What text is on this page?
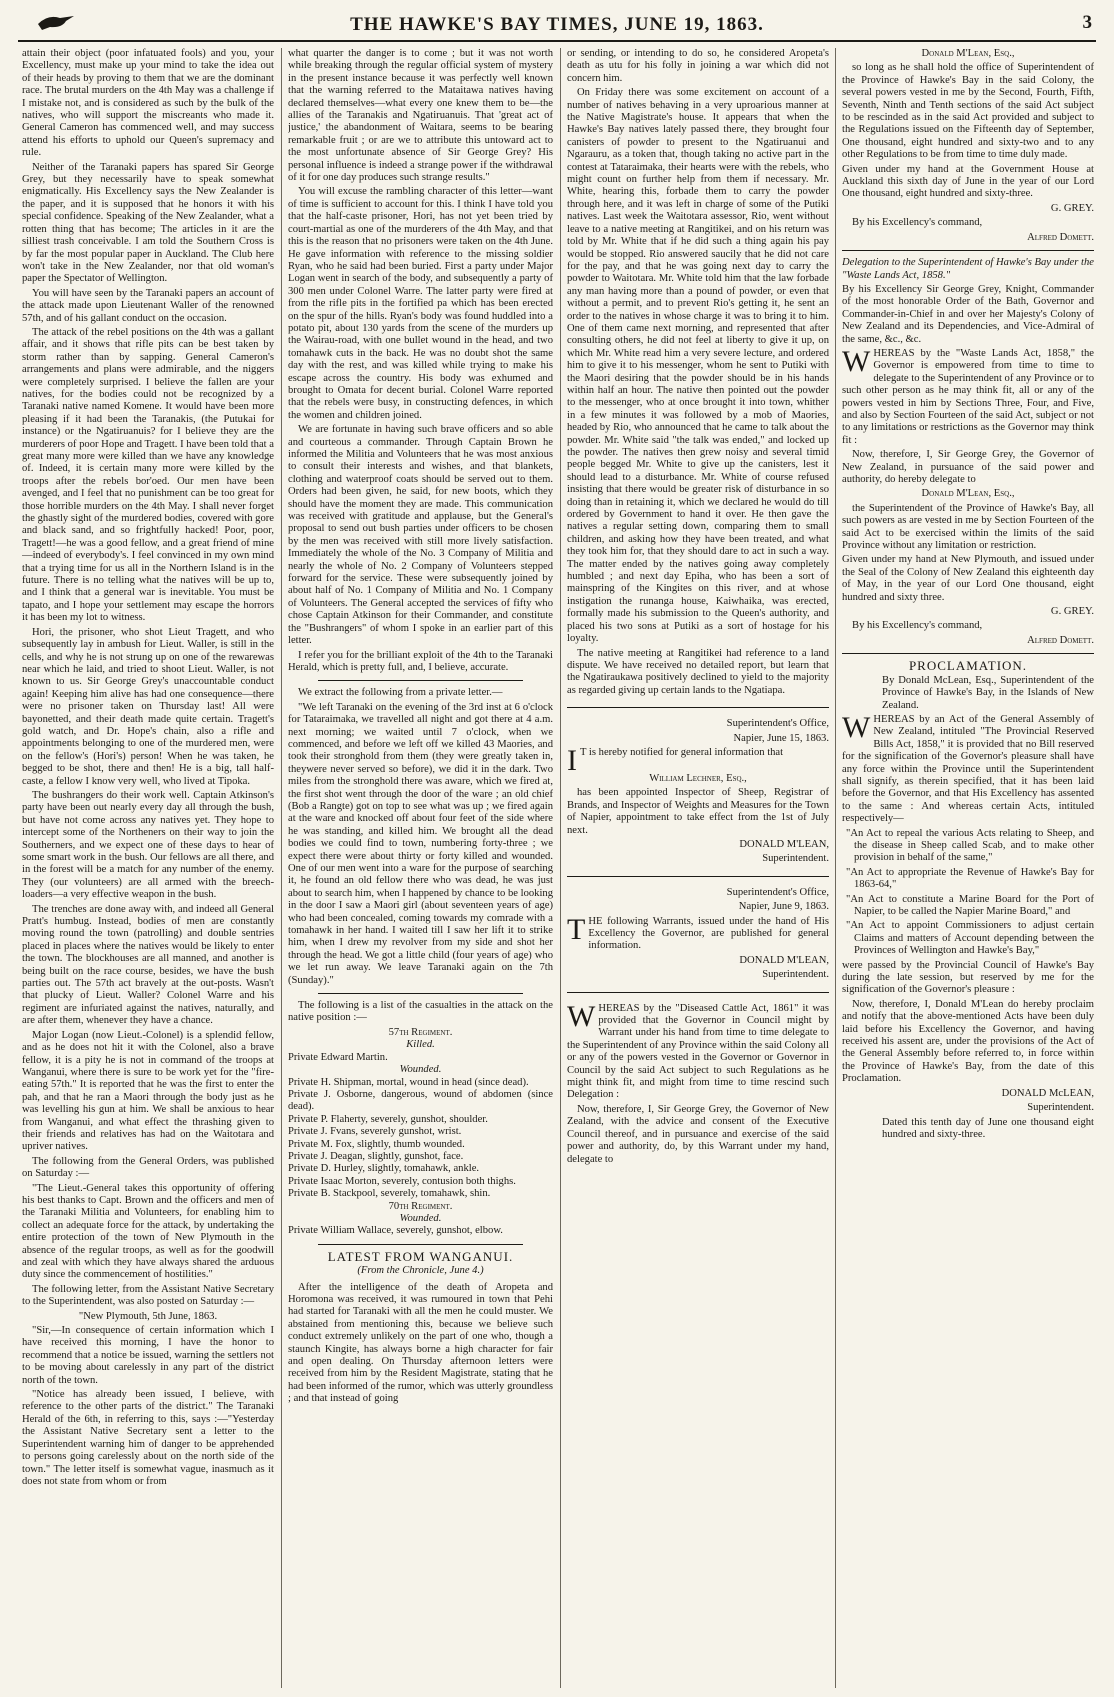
THE HAWKE'S BAY TIMES, JUNE 19, 1863.	3

attain their object (poor infatuated fools) and you, your Excellency, must make up your mind to take the idea out of their heads by proving to them that we are the dominant race. The brutal murders on the 4th May was a challenge if I mistake not, and is considered as such by the bulk of the natives, who will support the miscreants who made it. General Cameron has commenced well, and may success attend his efforts to uphold our Queen's supremacy and rule.

Neither of the Taranaki papers has spared Sir George Grey, but they necessarily have to speak somewhat enigmatically. His Excellency says the New Zealander is the paper, and it is supposed that he honors it with his special confidence. Speaking of the New Zealander, what a rotten thing that has become; The articles in it are the silliest trash conceivable. I am told the Southern Cross is by far the most popular paper in Auckland. The Club here won't take in the New Zealander, nor that old woman's paper the Spectator of Wellington.

You will have seen by the Taranaki papers an account of the attack made upon Lieutenant Waller of the renowned 57th, and of his gallant conduct on the occasion.

The attack of the rebel positions on the 4th was a gallant affair, and it shows that rifle pits can be best taken by storm rather than by sapping. General Cameron's arrangements and plans were admirable, and the niggers were completely surprised. I believe the fallen are your natives, for the bodies could not be recognized by a Taranaki native named Komene. It would have been more pleasing if it had been the Taranakis, (the Putukai for instance) or the Ngatiruanuis? for I believe they are the murderers of poor Hope and Tragett. I have been told that a great many more were killed than we have any knowledge of. Indeed, it is certain many more were killed by the troops after the rebels bor'oed. Our men have been avenged, and I feel that no punishment can be too great for those horrible murders on the 4th May. I shall never forget the ghastly sight of the murdered bodies, covered with gore and black sand, and so frightfully hacked! Poor, poor, Tragett!—he was a good fellow, and a great friend of mine—indeed of everybody's. I feel convinced in my own mind that a trying time for us all in the Northern Island is in the future. There is no telling what the natives will be up to, and I think that a general war is inevitable. You must be tapato, and I hope your settlement may escape the horrors it has been my lot to witness.

Hori, the prisoner, who shot Lieut Tragett, and who subsequently lay in ambush for Lieut. Waller, is still in the cells, and why he is not strung up on one of the rewarewas near which he laid, and tried to shoot Lieut. Waller, is not known to us. Sir George Grey's unaccountable conduct again! Keeping him alive has had one consequence—there were no prisoner taken on Thursday last! All were bayonetted, and their death made quite certain. Tragett's gold watch, and Dr. Hope's chain, also a rifle and appointments belonging to one of the murdered men, were on the fellow's (Hori's) person! When he was taken, he begged to be shot, there and then! He is a big, tall half-caste, a fellow I know very well, who lived at Tipoka.

The bushrangers do their work well. Captain Atkinson's party have been out nearly every day all through the bush, but have not come across any natives yet. They hope to intercept some of the Northeners on their way to join the Southerners, and we expect one of these days to hear of some smart work in the bush. Our fellows are all there, and in the forest will be a match for any number of the enemy. They (our volunteers) are all armed with the breech-loaders—a very effective weapon in the bush.

The trenches are done away with, and indeed all General Pratt's humbug. Instead, bodies of men are constantly moving round the town (patrolling) and double sentries placed in places where the natives would be likely to enter the town. The blockhouses are all manned, and another is being built on the race course, besides, we have the bush parties out. The 57th act bravely at the out-posts. Wasn't that plucky of Lieut. Waller? Colonel Warre and his regiment are infuriated against the natives, naturally, and are after them, whenever they have a chance.

Major Logan (now Lieut.-Colonel) is a splendid fellow, and as he does not hit it with the Colonel, also a brave fellow, it is a pity he is not in command of the troops at Wanganui, where there is sure to be work yet for the "fire-eating 57th." It is reported that he was the first to enter the pah, and that he ran a Maori through the body just as he was levelling his gun at him. We shall be anxious to hear from Wanganui, and what effect the thrashing given to their friends and relatives has had on the Waitotara and upriver natives.

The following from the General Orders, was published on Saturday :—

"The Lieut.-General takes this opportunity of offering his best thanks to Capt. Brown and the officers and men of the Taranaki Militia and Volunteers, for enabling him to collect an adequate force for the attack, by undertaking the entire protection of the town of New Plymouth in the absence of the regular troops, as well as for the goodwill and zeal with which they have always shared the arduous duty since the commencement of hostilities."

The following letter, from the Assistant Native Secretary to the Superintendent, was also posted on Saturday :—

"New Plymouth, 5th June, 1863.

"Sir,—In consequence of certain information which I have received this morning, I have the honor to recommend that a notice be issued, warning the settlers not to be moving about carelessly in any part of the district north of the town.

"Notice has already been issued, I believe, with reference to the other parts of the district." The Taranaki Herald of the 6th, in referring to this, says :—"Yesterday the Assistant Native Secretary sent a letter to the Superintendent warning him of danger to be apprehended to persons going carelessly about on the north side of the town." The letter itself is somewhat vague, inasmuch as it does not state from whom or from

what quarter the danger is to come ; but it was not worth while breaking through the regular official system of mystery in the present instance because it was perfectly well known that the warning referred to the Mataitawa natives having declared themselves—what every one knew them to be—the allies of the Taranakis and Ngatiruanuis. That 'great act of justice,' the abandonment of Waitara, seems to be bearing remarkable fruit ; or are we to attribute this untoward act to the most unfortunate absence of Sir George Grey? His personal influence is indeed a strange power if the withdrawal of it for one day produces such strange results."

You will excuse the rambling character of this letter—want of time is sufficient to account for this. I think I have told you that the half-caste prisoner, Hori, has not yet been tried by court-martial as one of the murderers of the 4th May, and that this is the reason that no prisoners were taken on the 4th June. He gave information with reference to the missing soldier Ryan, who he said had been buried. First a party under Major Logan went in search of the body, and subsequently a party of 300 men under Colonel Warre. The latter party were fired at from the rifle pits in the fortified pa which has been erected on the spur of the hills. Ryan's body was found huddled into a potato pit, about 130 yards from the scene of the murders up the Wairau-road, with one bullet wound in the head, and two tomahawk cuts in the back. He was no doubt shot the same day with the rest, and was killed while trying to make his escape across the country. His body was exhumed and brought to Omata for decent burial. Colonel Warre reported that the rebels were busy, in constructing defences, in which the women and children joined.

We are fortunate in having such brave officers and so able and courteous a commander. Through Captain Brown he informed the Militia and Volunteers that he was most anxious to consult their interests and wishes, and that blankets, clothing and waterproof coats should be served out to them. Orders had been given, he said, for new boots, which they should have the moment they are made. This communication was received with gratitude and applause, but the General's proposal to send out bush parties under officers to be chosen by the men was received with still more lively satisfaction. Immediately the whole of the No. 3 Company of Militia and nearly the whole of No. 2 Company of Volunteers stepped forward for the service. These were subsequently joined by about half of No. 1 Company of Militia and No. 1 Company of Volunteers. The General accepted the services of fifty who chose Captain Atkinson for their Commander, and constitute the "Bushrangers" of whom I spoke in an earlier part of this letter.

I refer you for the brilliant exploit of the 4th to the Taranaki Herald, which is pretty full, and, I believe, accurate.

We extract the following from a private letter.—

"We left Taranaki on the evening of the 3rd inst at 6 o'clock for Tataraimaka, we travelled all night and got there at 4 a.m. next morning; we waited until 7 o'clock, when we commenced, and before we left off we killed 43 Maories, and took their stronghold from them (they were greatly taken in, theywere never served so before), we did it in the dark. Two miles from the stronghold there was aware, which we fired at, the first shot went through the door of the ware ; an old chief (Bob a Rangte) got on top to see what was up ; we fired again at the ware and knocked off about four feet of the side where he was standing, and killed him. We brought all the dead bodies we could find to town, numbering forty-three ; we expect there were about thirty or forty killed and wounded. One of our men went into a ware for the purpose of searching it, he found an old fellow there who was dead, he was just about to search him, when I happened by chance to be looking in the door I saw a Maori girl (about seventeen years of age) who had been concealed, coming towards my comrade with a tomahawk in her hand. I waited till I saw her lift it to strike him, when I drew my revolver from my side and shot her through the head. We got a little child (four years of age) who we let run away. We leave Taranaki again on the 7th (Sunday)."

The following is a list of the casualties in the attack on the native position :—

57th Regiment.

Killed.

Private Edward Martin.

Wounded.

Private H. Shipman, mortal, wound in head (since dead).

Private J. Osborne, dangerous, wound of abdomen (since dead).

Private P. Flaherty, severely, gunshot, shoulder.

Private J. Fvans, severely gunshot, wrist.

Private M. Fox, slightly, thumb wounded.

Private J. Deagan, slightly, gunshot, face.

Private D. Hurley, slightly, tomahawk, ankle.

Private Isaac Morton, severely, contusion both thighs.

Private B. Stackpool, severely, tomahawk, shin.

70th Regiment.

Wounded.

Private William Wallace, severely, gunshot, elbow.

LATEST FROM WANGANUI.
(From the Chronicle, June 4.)

After the intelligence of the death of Aropeta and Horomona was received, it was rumoured in town that Pehi had started for Taranaki with all the men he could muster. We abstained from mentioning this, because we believe such conduct extremely unlikely on the part of one who, though a staunch Kingite, has always borne a high character for fair and open dealing. On Thursday afternoon letters were received from him by the Resident Magistrate, stating that he had been informed of the rumor, which was utterly groundless ; and that instead of going

or sending, or intending to do so, he considered Aropeta's death as utu for his folly in joining a war which did not concern him.

On Friday there was some excitement on account of a number of natives behaving in a very uproarious manner at the Native Magistrate's house. It appears that when the Hawke's Bay natives lately passed there, they brought four canisters of powder to present to the Ngatiruanui and Ngarauru, as a token that, though taking no active part in the contest at Tataraimaka, their hearts were with the rebels, who might count on further help from them if necessary. Mr. White, hearing this, forbade them to carry the powder through here, and it was left in charge of some of the Putiki natives. Last week the Waitotara assessor, Rio, went without leave to a native meeting at Rangitikei, and on his return was told by Mr. White that if he did such a thing again his pay would be stopped. Rio answered saucily that he did not care for the pay, and that he was going next day to carry the powder to Waitotara. Mr. White told him that the law forbade any man having more than a pound of powder, or even that without a permit, and to prevent Rio's getting it, he sent an order to the natives in whose charge it was to bring it to him. One of them came next morning, and represented that after consulting others, he did not feel at liberty to give it up, on which Mr. White read him a very severe lecture, and ordered him to give it to his messenger, whom he sent to Putiki with the Maori desiring that the powder should be in his hands within half an hour. The native then pointed out the powder to the messenger, who at once brought it into town, whither in a few minutes it was followed by a mob of Maories, headed by Rio, who announced that he came to talk about the powder. Mr. White said "the talk was ended," and locked up the powder. The natives then grew noisy and several timid people begged Mr. White to give up the canisters, lest it should lead to a disturbance. Mr. White of course refused insisting that there would be greater risk of disturbance in so doing than in retaining it, which we declared he would do till ordered by Government to hand it over. He then gave the natives a regular setting down, comparing them to small children, and asking how they have been treated, and what they took him for, that they should dare to act in such a way. The matter ended by the natives going away completely humbled ; and next day Epiha, who has been a sort of mainspring of the Kingites on this river, and at whose instigation the runanga house, Kaiwhaika, was erected, formally made his submission to the Queen's authority, and placed his two sons at Putiki as a sort of hostage for his loyalty.

The native meeting at Rangitikei had reference to a land dispute. We have received no detailed report, but learn that the Ngatiraukawa positively declined to yield to the majority as regarded giving up certain lands to the Ngatiapa.

Superintendent's Office,

Napier, June 15, 1863.

I T is hereby notified for general information that

William Lechner, Esq.,

has been appointed Inspector of Sheep, Registrar of Brands, and Inspector of Weights and Measures for the Town of Napier, appointment to take effect from the 1st of July next.

DONALD M'LEAN,

Superintendent.

Superintendent's Office,

Napier, June 9, 1863.

THE following Warrants, issued under the hand of His Excellency the Governor, are published for general information.

DONALD M'LEAN,

Superintendent.

WHEREAS by the "Diseased Cattle Act, 1861" it was provided that the Governor in Council might by Warrant under his hand from time to time delegate to the Superintendent of any Province within the said Colony all or any of the powers vested in the Governor or Governor in Council by the said Act subject to such Regulations as he might think fit, and might from time to time rescind such Delegation :

Now, therefore, I, Sir George Grey, the Governor of New Zealand, with the advice and consent of the Executive Council thereof, and in pursuance and exercise of the said power and authority, do, by this Warrant under my hand, delegate to

Donald M'Lean, Esq.,

so long as he shall hold the office of Superintendent of the Province of Hawke's Bay in the said Colony, the several powers vested in me by the Second, Fourth, Fifth, Seventh, Ninth and Tenth sections of the said Act subject to be rescinded as in the said Act provided and subject to the Regulations issued on the Fifteenth day of September, One thousand, eight hundred and sixty-two and to any other Regulations to be from time to time duly made.

Given under my hand at the Government House at Auckland this sixth day of June in the year of our Lord One thousand, eight hundred and sixty-three.

G. GREY.

By his Excellency's command,

Alfred Domett.

Delegation to the Superintendent of Hawke's Bay under the "Waste Lands Act, 1858."

By his Excellency Sir George Grey, Knight, Commander of the most honorable Order of the Bath, Governor and Commander-in-Chief in and over her Majesty's Colony of New Zealand and its Dependencies, and Vice-Admiral of the same, &c., &c.

WHEREAS by the "Waste Lands Act, 1858," the Governor is empowered from time to time to delegate to the Superintendent of any Province or to such other person as he may think fit, all or any of the powers vested in him by Sections Three, Four, and Five, and also by Section Fourteen of the said Act, subject or not to any limitations or restrictions as the Governor may think fit :

Now, therefore, I, Sir George Grey, the Governor of New Zealand, in pursuance of the said power and authority, do hereby delegate to

Donald M'Lean, Esq.,

the Superintendent of the Province of Hawke's Bay, all such powers as are vested in me by Section Fourteen of the said Act to be exercised within the limits of the said Province without any limitation or restriction.

Given under my hand at New Plymouth, and issued under the Seal of the Colony of New Zealand this eighteenth day of May, in the year of our Lord One thousand, eight hundred and sixty three.

G. GREY.

By his Excellency's command,

Alfred Domett.

PROCLAMATION.

By Donald McLean, Esq., Superintendent of the Province of Hawke's Bay, in the Islands of New Zealand.

WHEREAS by an Act of the General Assembly of New Zealand, intituled "The Provincial Reserved Bills Act, 1858," it is provided that no Bill reserved for the signification of the Governor's pleasure shall have any force within the Province until the Superintendent shall signify, as therein specified, that it has been laid before the Governor, and that His Excellency has assented to the same : And whereas certain Acts, intituled respectively—

"An Act to repeal the various Acts relating to Sheep, and the disease in Sheep called Scab, and to make other provision in behalf of the same,"

"An Act to appropriate the Revenue of Hawke's Bay for 1863-64,"

"An Act to constitute a Marine Board for the Port of Napier, to be called the Napier Marine Board," and

"An Act to appoint Commissioners to adjust certain Claims and matters of Account depending between the Provinces of Wellington and Hawke's Bay,"

were passed by the Provincial Council of Hawke's Bay during the late session, but reserved by me for the signification of the Governor's pleasure :

Now, therefore, I, Donald M'Lean do hereby proclaim and notify that the above-mentioned Acts have been duly laid before his Excellency the Governor, and having received his assent are, under the provisions of the Act of the General Assembly before referred to, in force within the Province of Hawke's Bay, from the date of this Proclamation.

DONALD McLEAN,

Superintendent.

Dated this tenth day of June one thousand eight hundred and sixty-three.
